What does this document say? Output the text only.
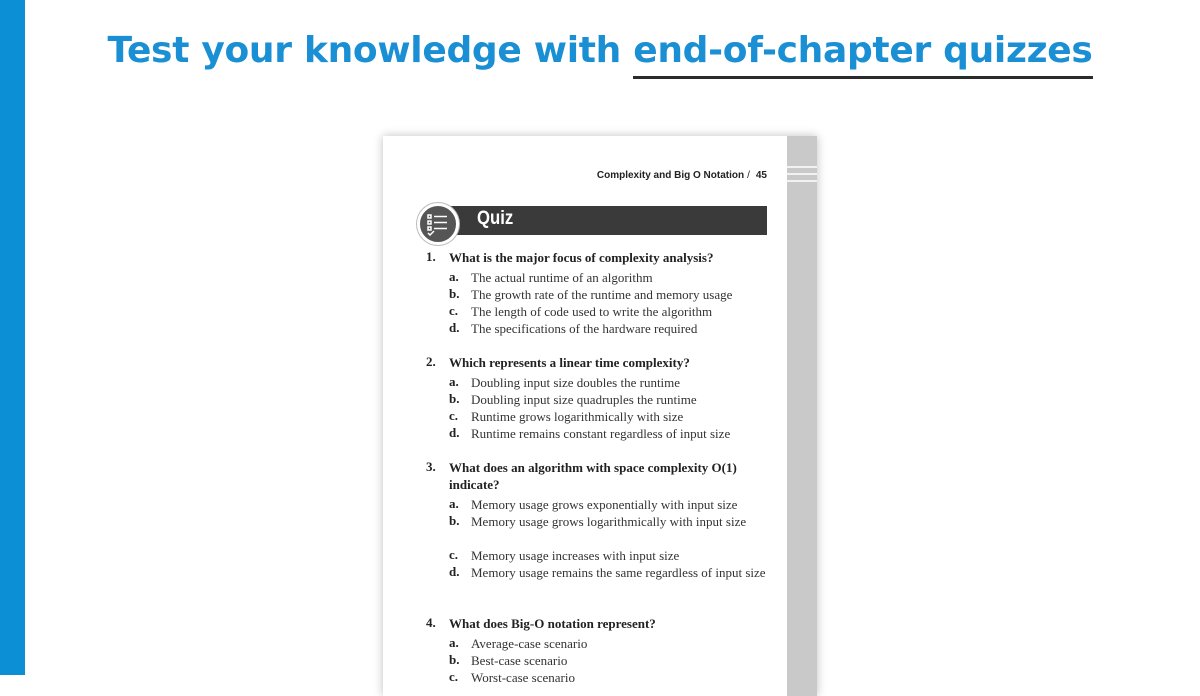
Test your knowledge with end-of-chapter quizzes
Complexity and Big O Notation / 45
Quiz
1. What is the major focus of complexity analysis?
a. The actual runtime of an algorithm
b. The growth rate of the runtime and memory usage
c. The length of code used to write the algorithm
d. The specifications of the hardware required
2. Which represents a linear time complexity?
a. Doubling input size doubles the runtime
b. Doubling input size quadruples the runtime
c. Runtime grows logarithmically with size
d. Runtime remains constant regardless of input size
3. What does an algorithm with space complexity O(1) indicate?
a. Memory usage grows exponentially with input size
b. Memory usage grows logarithmically with input size
c. Memory usage increases with input size
d. Memory usage remains the same regardless of input size
4. What does Big-O notation represent?
a. Average-case scenario
b. Best-case scenario
c. Worst-case scenario
